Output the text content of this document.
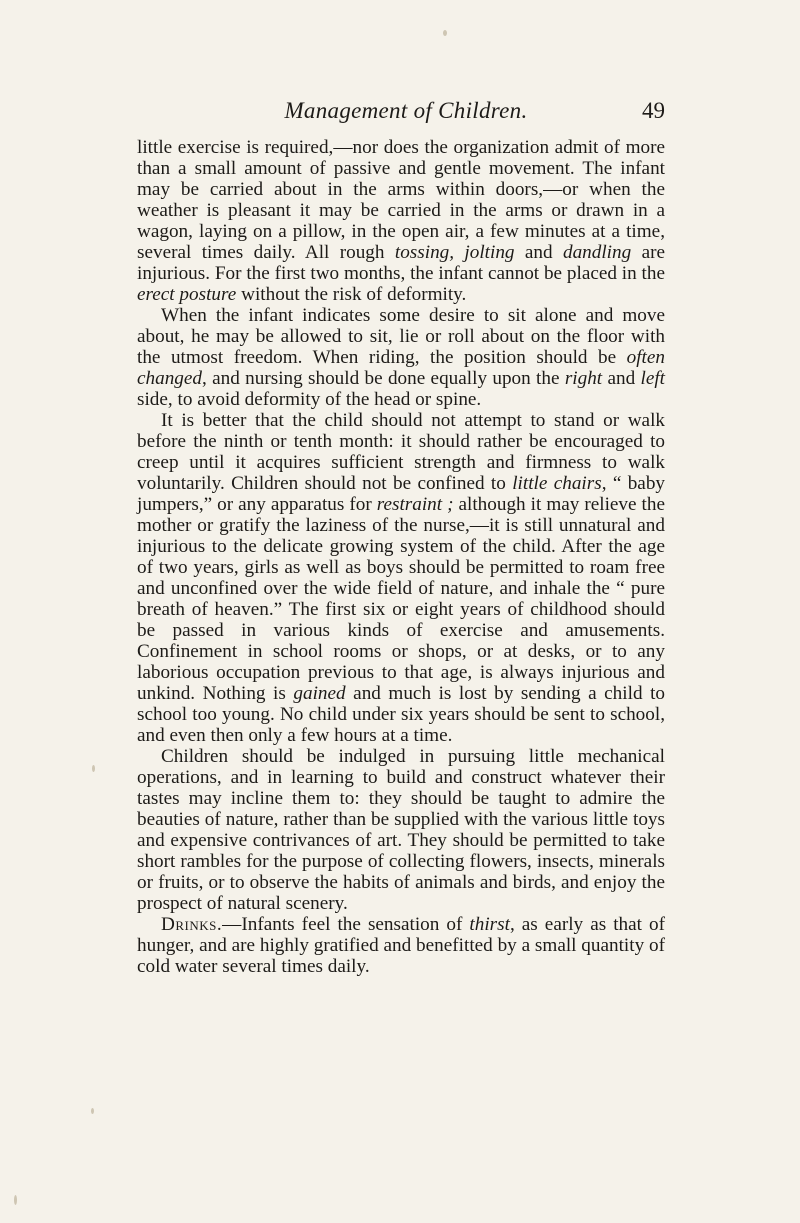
Management of Children.	49

little exercise is required,—nor does the organization admit of more than a small amount of passive and gentle movement. The infant may be carried about in the arms within doors,—or when the weather is pleasant it may be carried in the arms or drawn in a wagon, laying on a pillow, in the open air, a few minutes at a time, several times daily. All rough tossing, jolting and dandling are injurious. For the first two months, the infant cannot be placed in the erect posture without the risk of deformity.

When the infant indicates some desire to sit alone and move about, he may be allowed to sit, lie or roll about on the floor with the utmost freedom. When riding, the position should be often changed, and nursing should be done equally upon the right and left side, to avoid deformity of the head or spine.

It is better that the child should not attempt to stand or walk before the ninth or tenth month: it should rather be encouraged to creep until it acquires sufficient strength and firmness to walk voluntarily. Children should not be confined to little chairs, “ baby jumpers,” or any apparatus for restraint ; although it may relieve the mother or gratify the laziness of the nurse,—it is still unnatural and injurious to the delicate growing system of the child. After the age of two years, girls as well as boys should be permitted to roam free and unconfined over the wide field of nature, and inhale the “ pure breath of heaven.” The first six or eight years of childhood should be passed in various kinds of exercise and amusements. Confinement in school rooms or shops, or at desks, or to any laborious occupation previous to that age, is always injurious and unkind. Nothing is gained and much is lost by sending a child to school too young. No child under six years should be sent to school, and even then only a few hours at a time.

Children should be indulged in pursuing little mechanical operations, and in learning to build and construct whatever their tastes may incline them to: they should be taught to admire the beauties of nature, rather than be supplied with the various little toys and expensive contrivances of art. They should be permitted to take short rambles for the purpose of collecting flowers, insects, minerals or fruits, or to observe the habits of animals and birds, and enjoy the prospect of natural scenery.

Drinks.—Infants feel the sensation of thirst, as early as that of hunger, and are highly gratified and benefitted by a small quantity of cold water several times daily.
